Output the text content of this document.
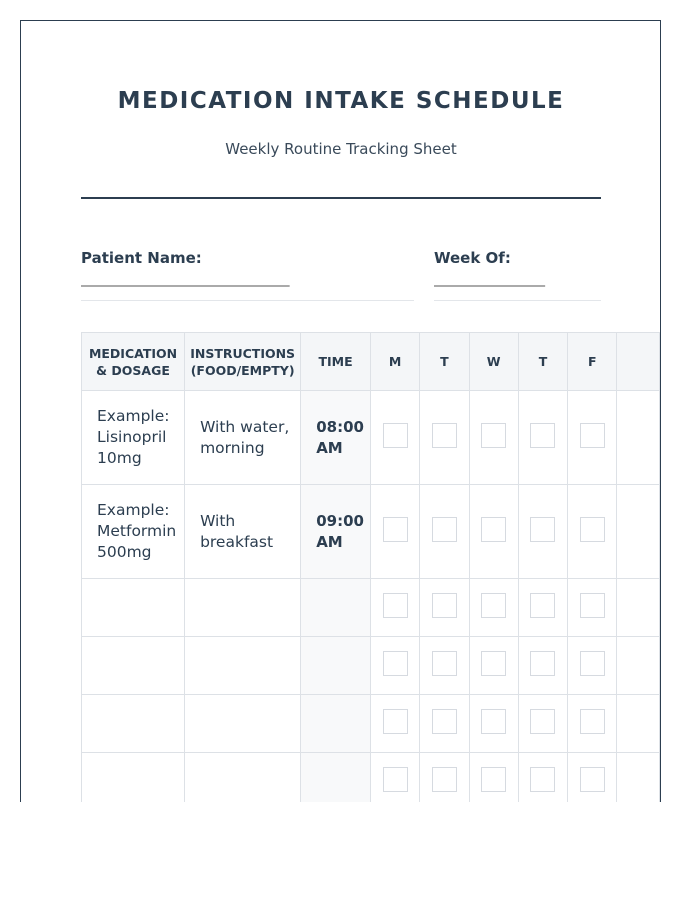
MEDICATION INTAKE SCHEDULE
Weekly Routine Tracking Sheet
Patient Name:
________________________________
Week Of:
_________________
MEDICATION & DOSAGE	INSTRUCTIONS (FOOD/EMPTY)	TIME	M	T	W	T	F	
Example: Lisinopril 10mg	With water, morning	08:00 AM						
Example: Metformin 500mg	With breakfast	09:00 AM						
